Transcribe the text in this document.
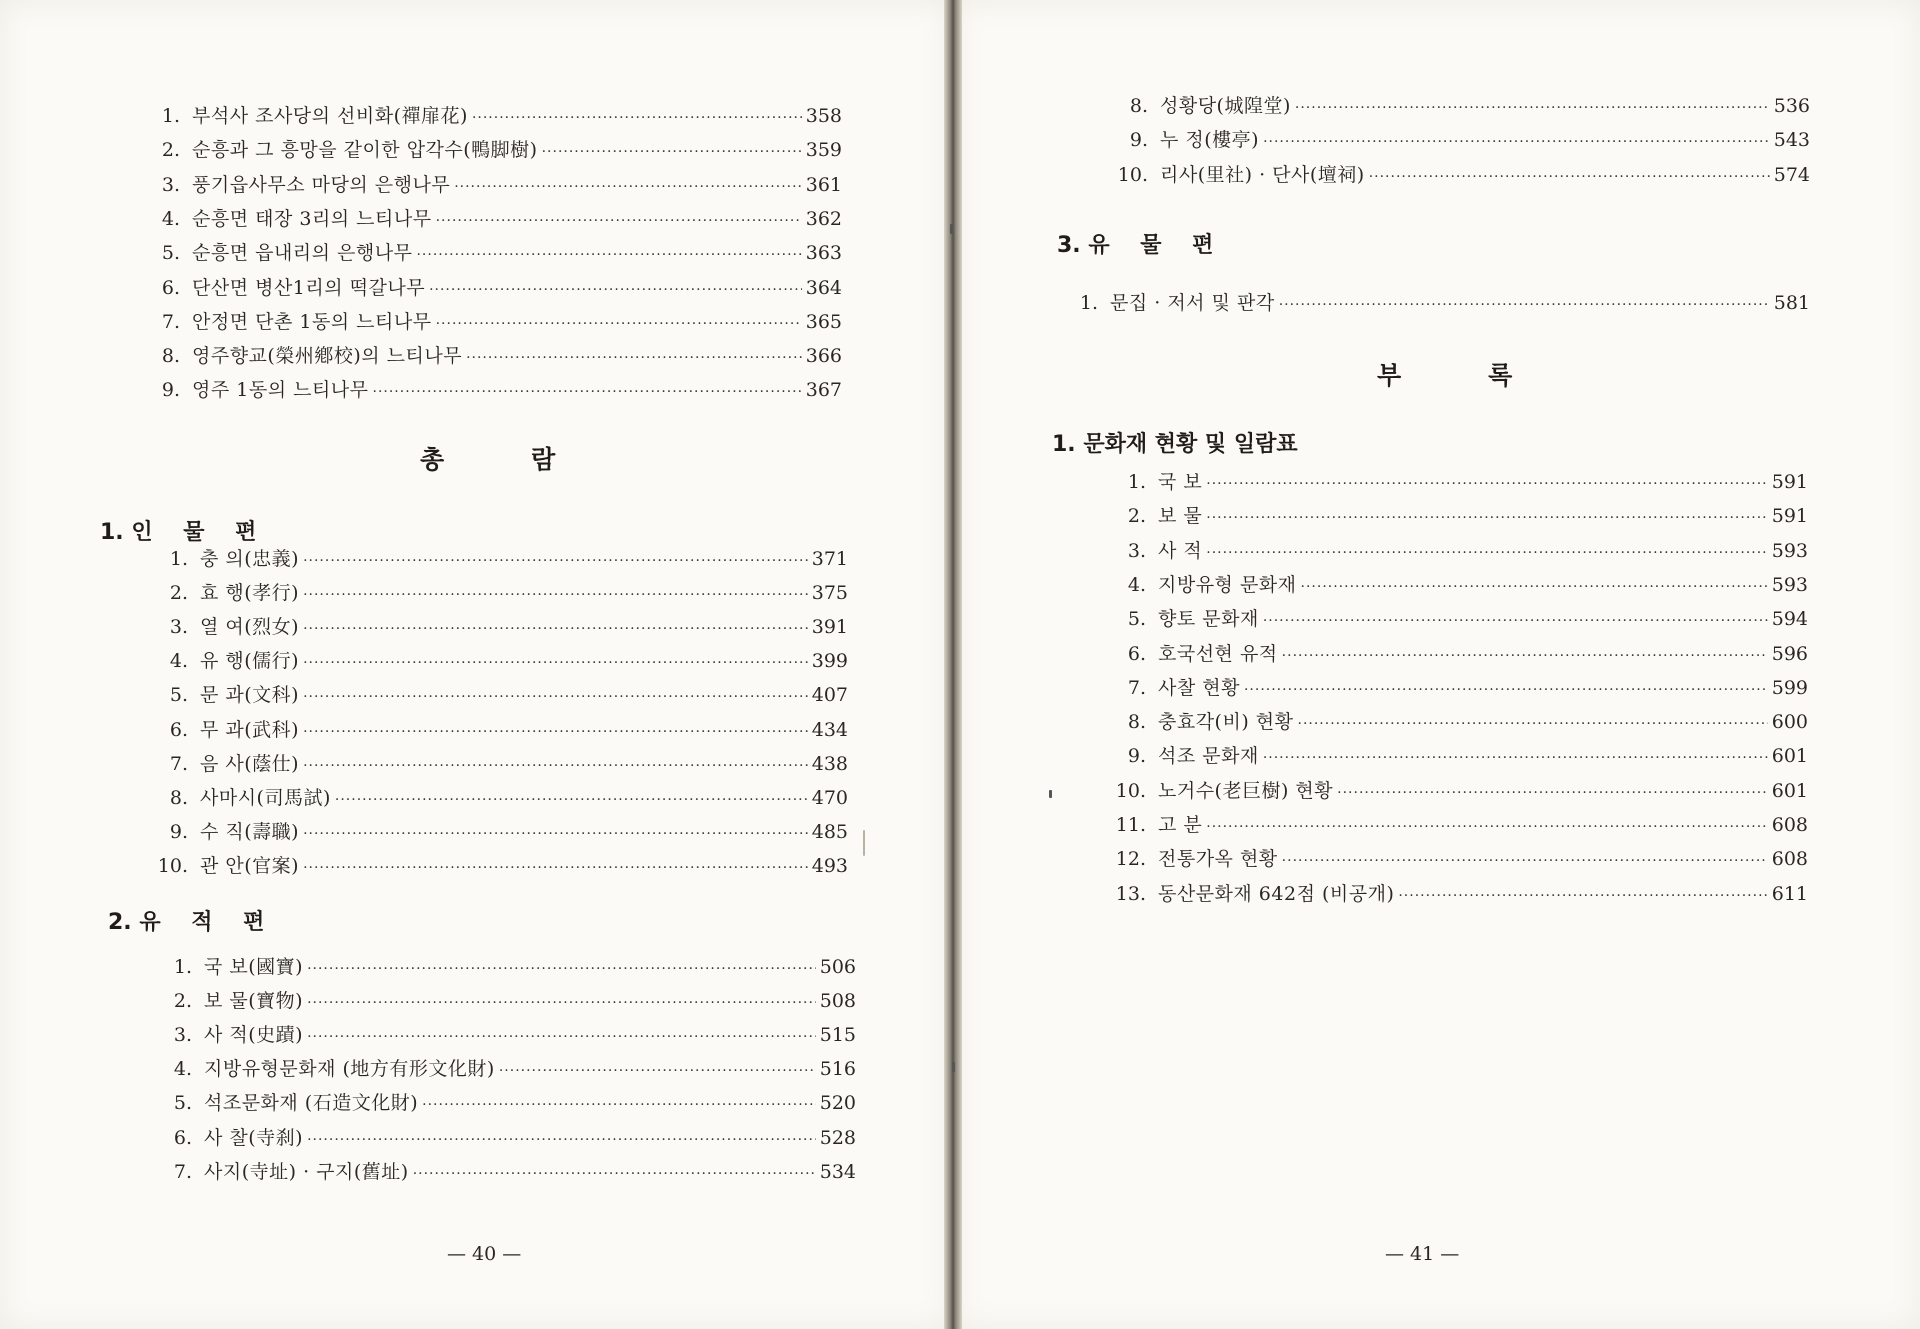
1. 부석사 조사당의 선비화(禪扉花) ·····	358
2. 순흥과 그 흥망을 같이한 압각수(鴨脚樹) ·····	359
3. 풍기읍사무소 마당의 은행나무 ·····	361
4. 순흥면 태장 3리의 느티나무 ·····	362
5. 순흥면 읍내리의 은행나무 ·····	363
6. 단산면 병산1리의 떡갈나무 ·····	364
7. 안정면 단촌 1동의 느티나무 ·····	365
8. 영주향교(榮州鄕校)의 느티나무 ·····	366
9. 영주 1동의 느티나무 ·····	367
총          람
1. 인    물    편
1. 충 의(忠義) ·····	371
2. 효 행(孝行) ·····	375
3. 열 여(烈女) ·····	391
4. 유 행(儒行) ·····	399
5. 문 과(文科) ·····	407
6. 무 과(武科) ·····	434
7. 음 사(蔭仕) ·····	438
8. 사마시(司馬試) ·····	470
9. 수 직(壽職) ·····	485
10. 관 안(官案) ·····	493
2. 유    적    편
1. 국 보(國寶) ·····	506
2. 보 물(寶物) ·····	508
3. 사 적(史蹟) ·····	515
4. 지방유형문화재 (地方有形文化財) ·····	516
5. 석조문화재 (石造文化財) ·····	520
6. 사 찰(寺刹) ·····	528
7. 사지(寺址) · 구지(舊址) ·····	534
— 40 —
8. 성황당(城隍堂) ·····	536
9. 누 정(樓亭) ·····	543
10. 리사(里社) · 단사(壇祠) ·····	574
3. 유    물    편
1. 문집 · 저서 및 판각 ·····	581
부          록
1. 문화재 현황 및 일람표
1. 국 보 ·····	591
2. 보 물 ·····	591
3. 사 적 ·····	593
4. 지방유형 문화재 ·····	593
5. 향토 문화재 ·····	594
6. 호국선현 유적 ·····	596
7. 사찰 현황 ·····	599
8. 충효각(비) 현황 ·····	600
9. 석조 문화재 ·····	601
10. 노거수(老巨樹) 현황 ·····	601
11. 고 분 ·····	608
12. 전통가옥 현황 ·····	608
13. 동산문화재 642점 (비공개) ·····	611
— 41 —
